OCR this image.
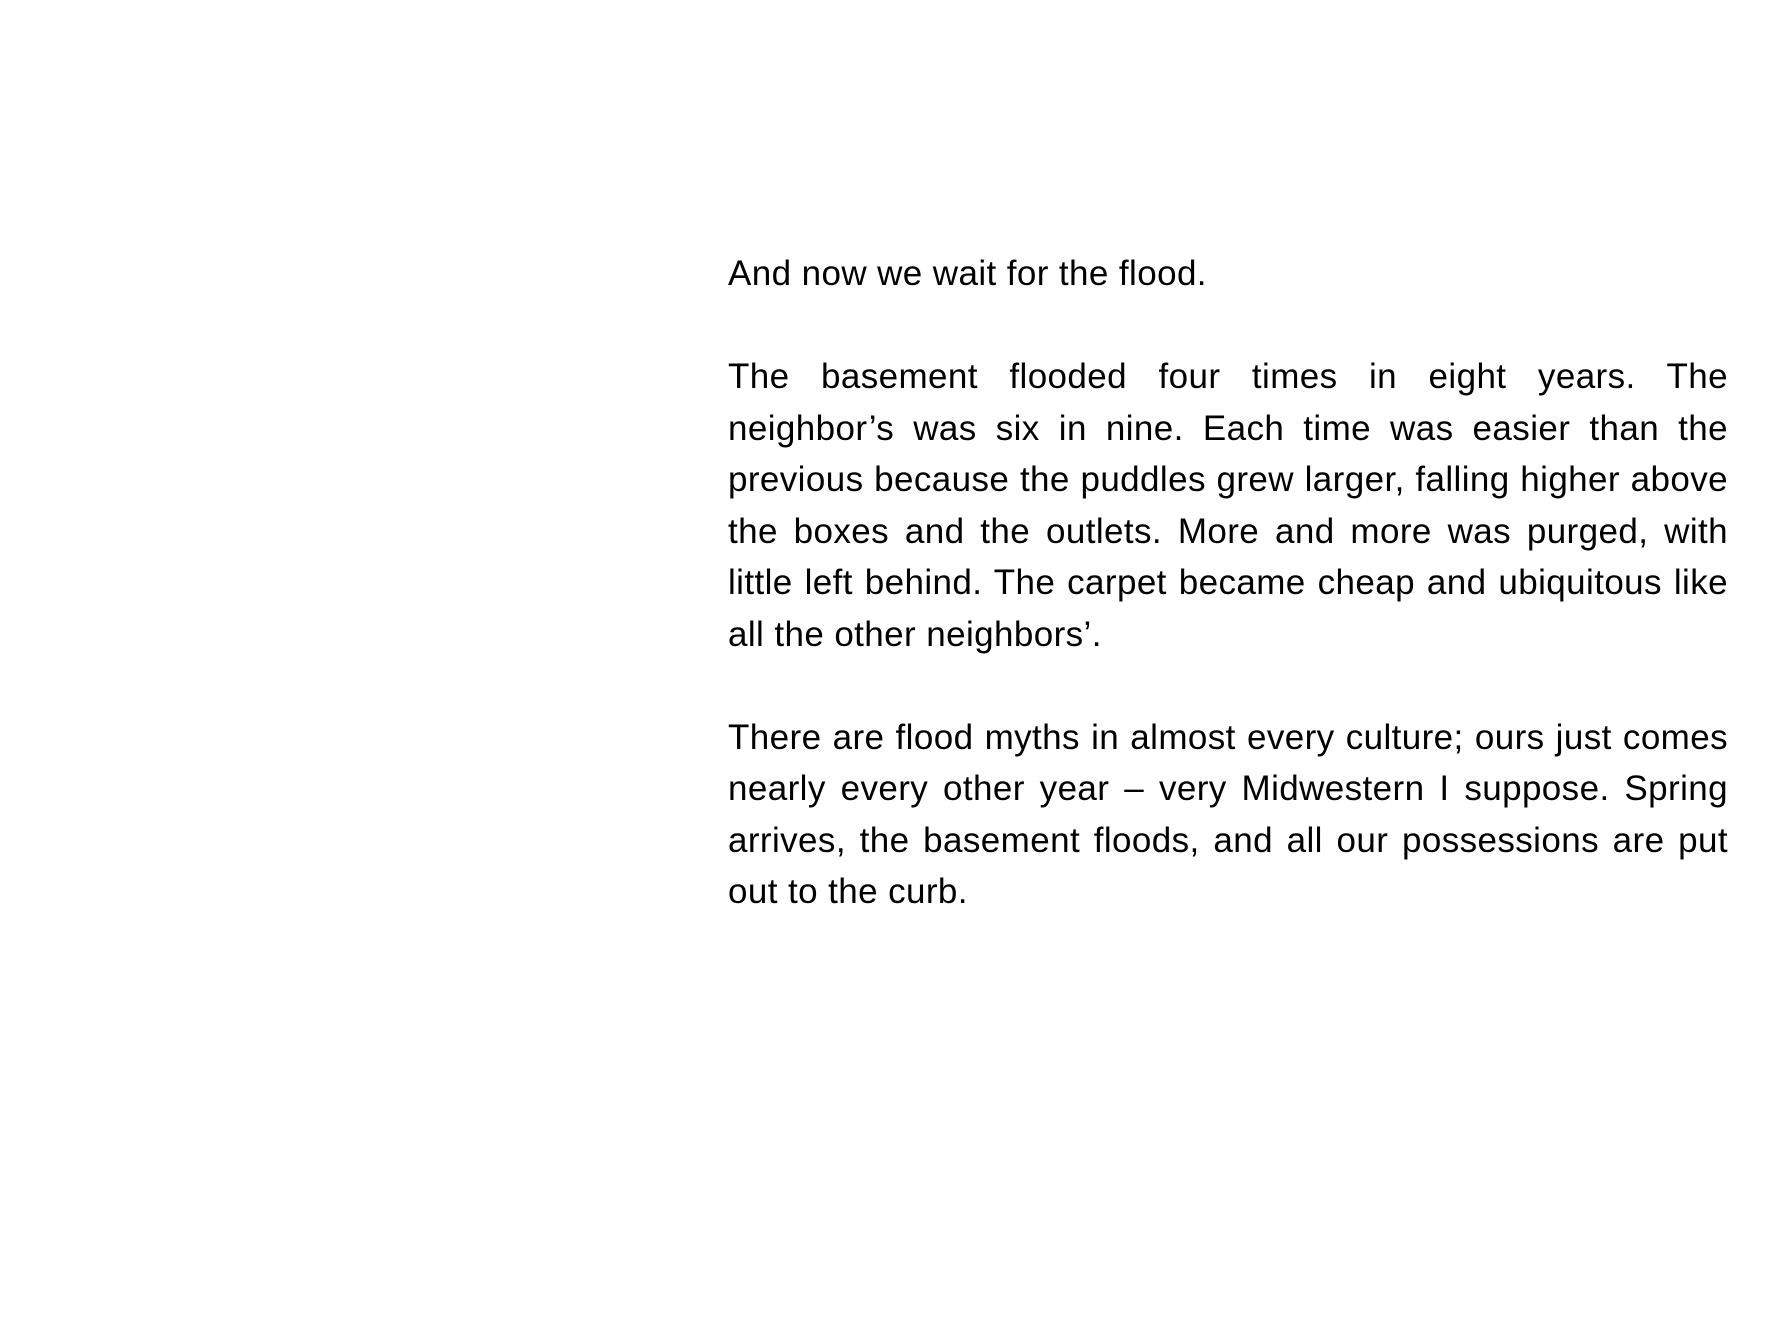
And now we wait for the flood.

The basement flooded four times in eight years. The neighbor’s was six in nine. Each time was easier than the previous because the puddles grew larger, falling higher above the boxes and the outlets. More and more was purged, with little left behind. The carpet became cheap and ubiquitous like all the other neighbors’.

There are flood myths in almost every culture; ours just comes nearly every other year – very Midwestern I suppose. Spring arrives, the basement floods, and all our possessions are put out to the curb.
